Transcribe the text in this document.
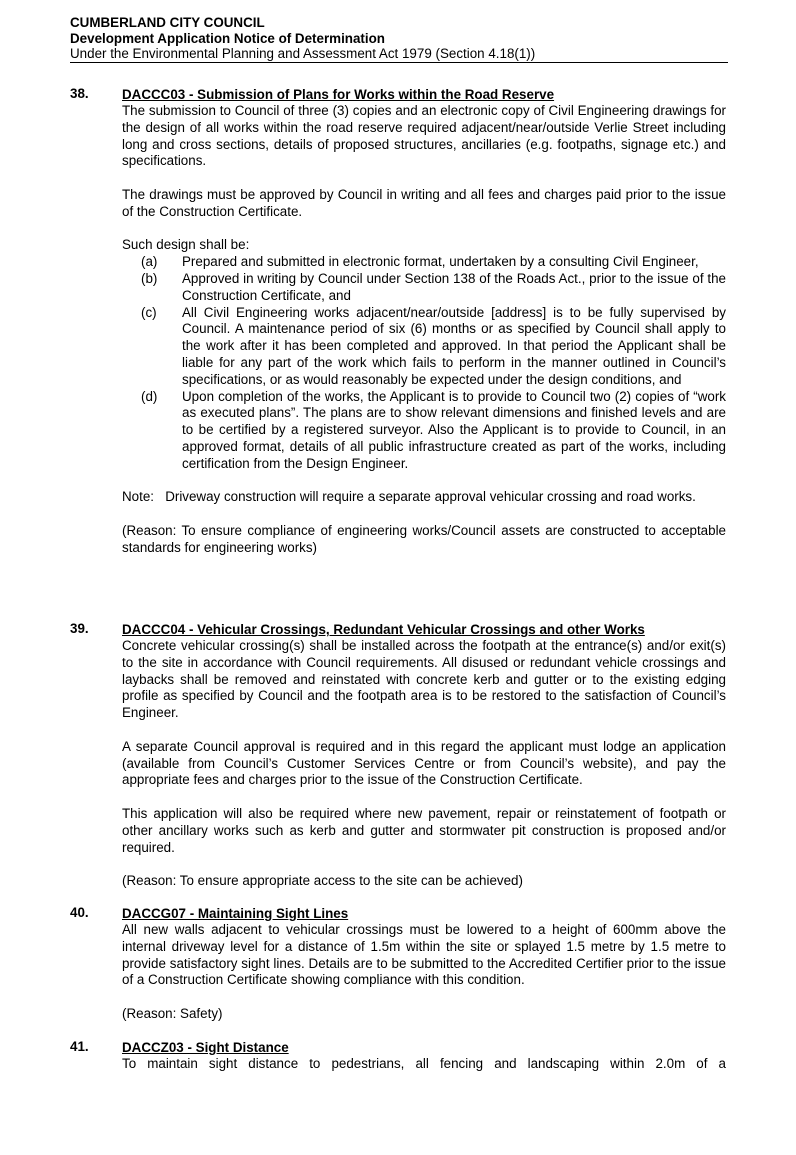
CUMBERLAND CITY COUNCIL
Development Application Notice of Determination
Under the Environmental Planning and Assessment Act 1979 (Section 4.18(1))
38. DACCC03 - Submission of Plans for Works within the Road Reserve

The submission to Council of three (3) copies and an electronic copy of Civil Engineering drawings for the design of all works within the road reserve required adjacent/near/outside Verlie Street including long and cross sections, details of proposed structures, ancillaries (e.g. footpaths, signage etc.) and specifications.

The drawings must be approved by Council in writing and all fees and charges paid prior to the issue of the Construction Certificate.

Such design shall be:

(a) Prepared and submitted in electronic format, undertaken by a consulting Civil Engineer,
(b) Approved in writing by Council under Section 138 of the Roads Act., prior to the issue of the Construction Certificate, and
(c) All Civil Engineering works adjacent/near/outside [address] is to be fully supervised by Council. A maintenance period of six (6) months or as specified by Council shall apply to the work after it has been completed and approved. In that period the Applicant shall be liable for any part of the work which fails to perform in the manner outlined in Council’s specifications, or as would reasonably be expected under the design conditions, and
(d) Upon completion of the works, the Applicant is to provide to Council two (2) copies of “work as executed plans”. The plans are to show relevant dimensions and finished levels and are to be certified by a registered surveyor. Also the Applicant is to provide to Council, in an approved format, details of all public infrastructure created as part of the works, including certification from the Design Engineer.
Note: Driveway construction will require a separate approval vehicular crossing and road works.

(Reason: To ensure compliance of engineering works/Council assets are constructed to acceptable standards for engineering works)

39. DACCC04 - Vehicular Crossings, Redundant Vehicular Crossings and other Works

Concrete vehicular crossing(s) shall be installed across the footpath at the entrance(s) and/or exit(s) to the site in accordance with Council requirements. All disused or redundant vehicle crossings and laybacks shall be removed and reinstated with concrete kerb and gutter or to the existing edging profile as specified by Council and the footpath area is to be restored to the satisfaction of Council’s Engineer.

A separate Council approval is required and in this regard the applicant must lodge an application (available from Council’s Customer Services Centre or from Council’s website), and pay the appropriate fees and charges prior to the issue of the Construction Certificate.

This application will also be required where new pavement, repair or reinstatement of footpath or other ancillary works such as kerb and gutter and stormwater pit construction is proposed and/or required.

(Reason: To ensure appropriate access to the site can be achieved)

40. DACCG07 - Maintaining Sight Lines

All new walls adjacent to vehicular crossings must be lowered to a height of 600mm above the internal driveway level for a distance of 1.5m within the site or splayed 1.5 metre by 1.5 metre to provide satisfactory sight lines. Details are to be submitted to the Accredited Certifier prior to the issue of a Construction Certificate showing compliance with this condition.

(Reason: Safety)

41. DACCZ03 - Sight Distance

To maintain sight distance to pedestrians, all fencing and landscaping within 2.0m of a
